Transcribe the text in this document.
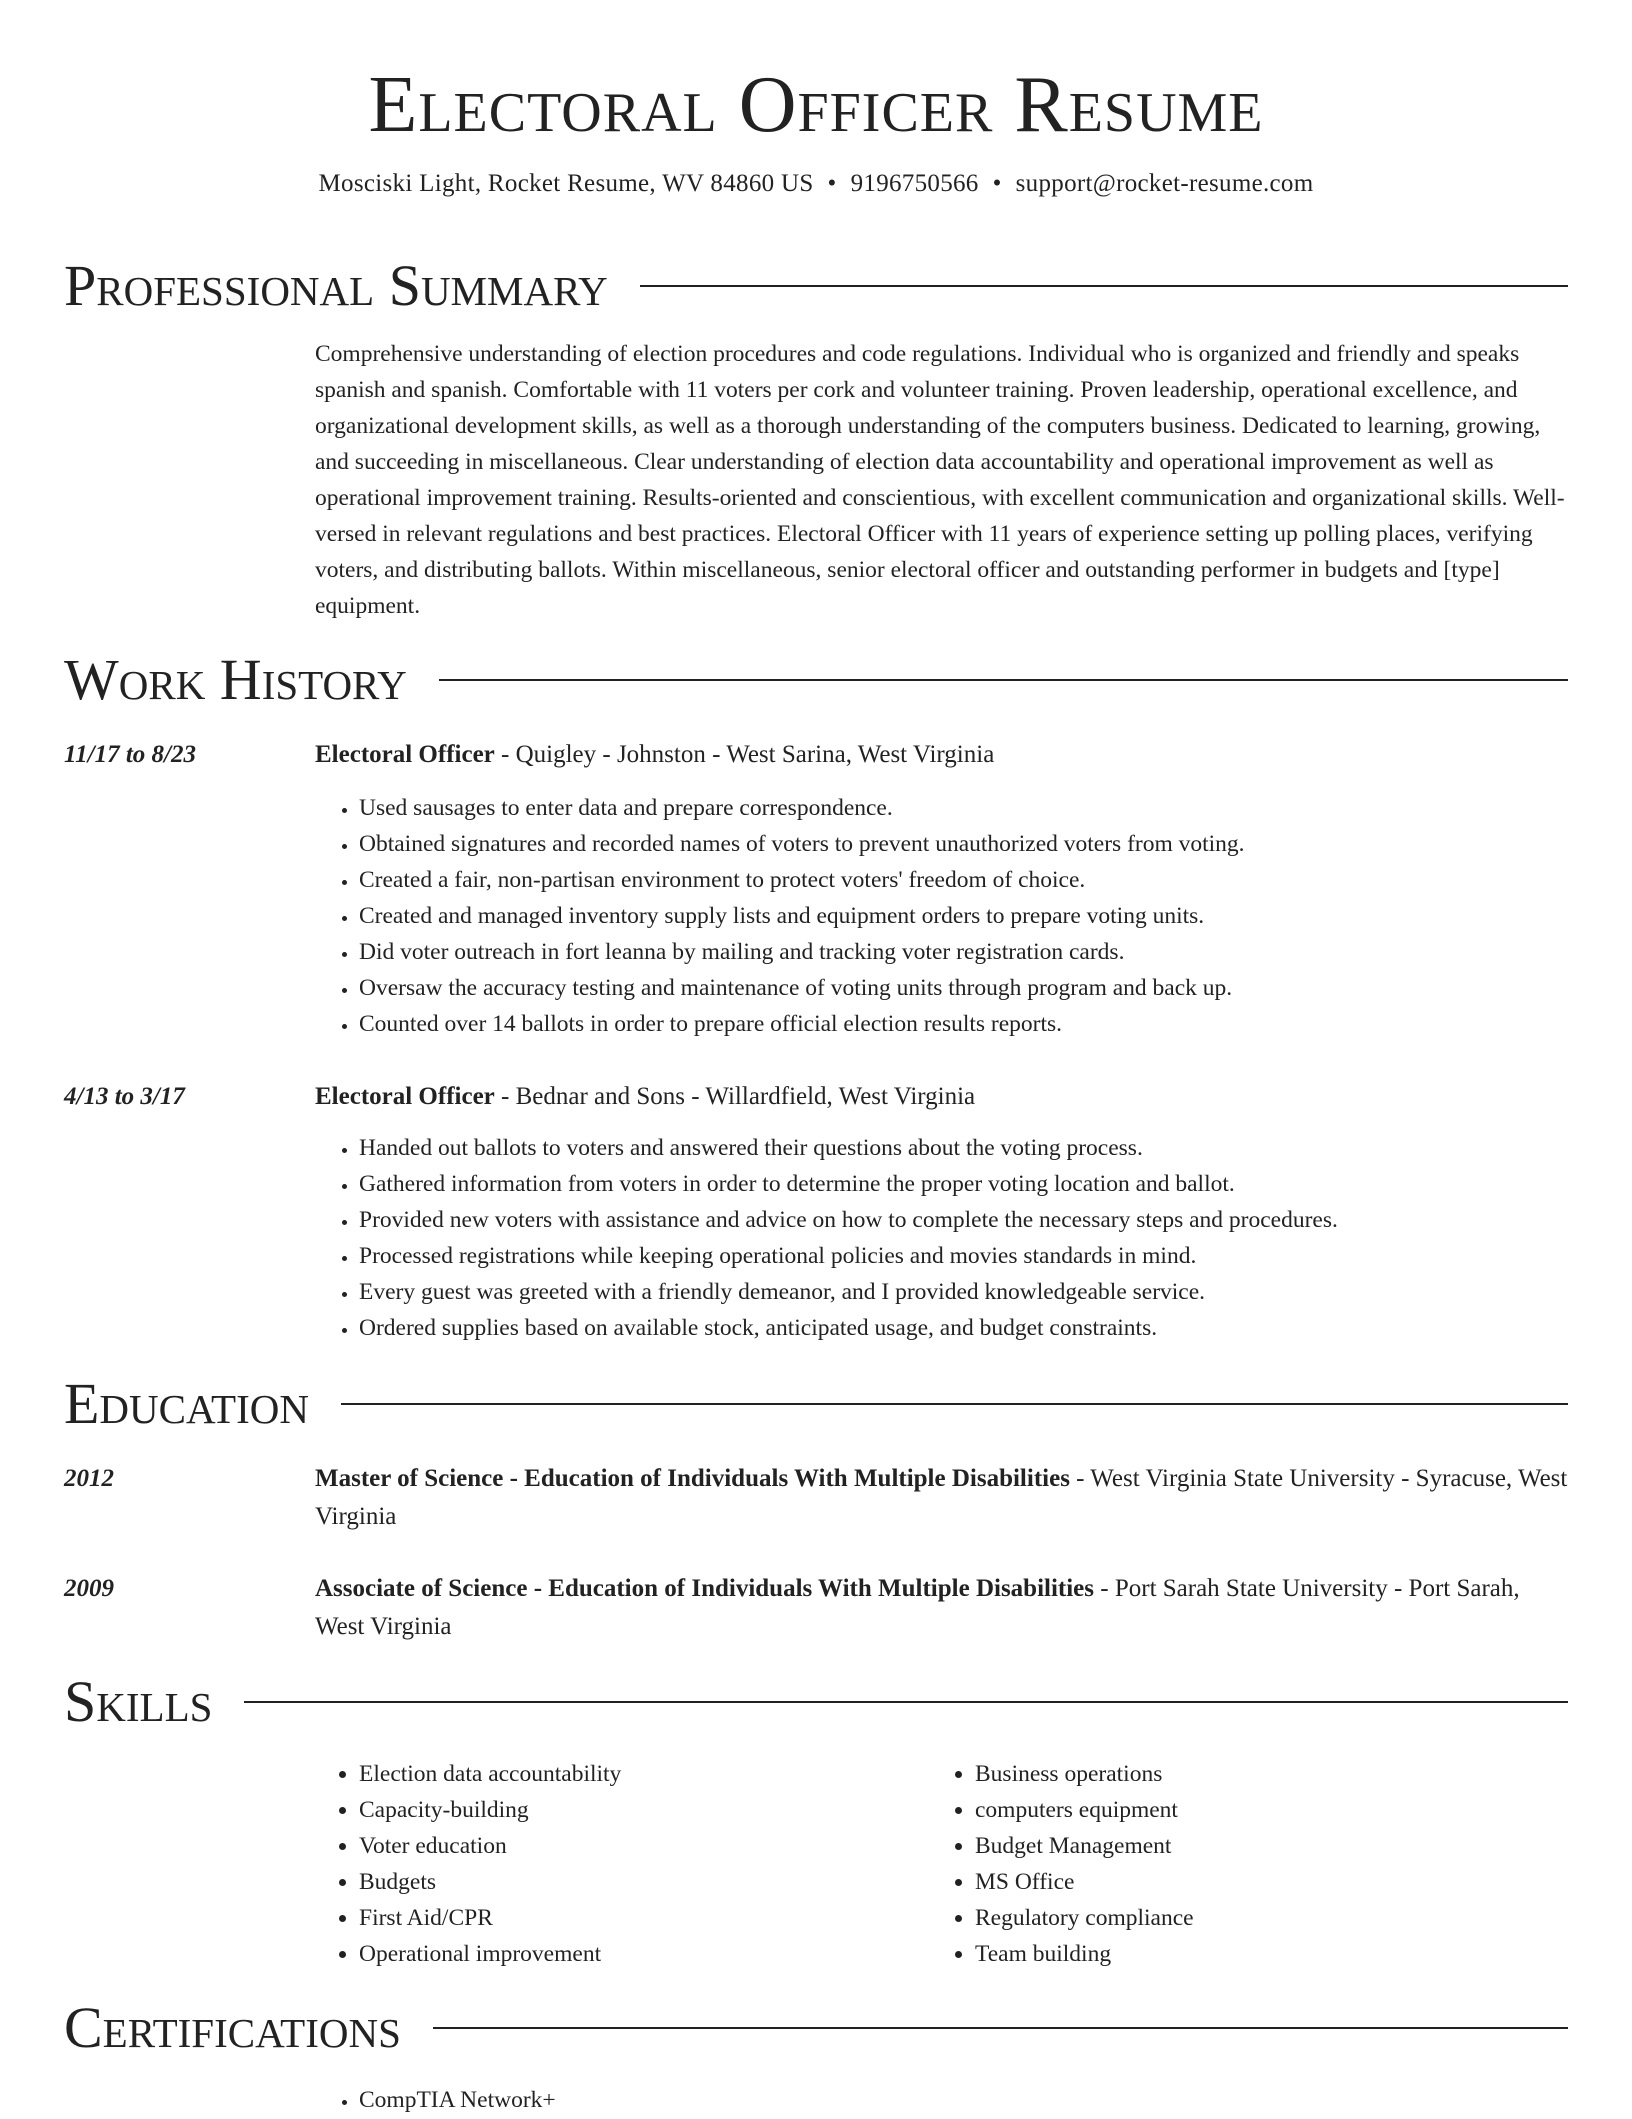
Electoral Officer Resume
Mosciski Light, Rocket Resume, WV 84860 US • 9196750566 • support@rocket-resume.com
Professional Summary

Comprehensive understanding of election procedures and code regulations. Individual who is organized and friendly and speaks spanish and spanish. Comfortable with 11 voters per cork and volunteer training. Proven leadership, operational excellence, and organizational development skills, as well as a thorough understanding of the computers business. Dedicated to learning, growing, and succeeding in miscellaneous. Clear understanding of election data accountability and operational improvement as well as operational improvement training. Results-oriented and conscientious, with excellent communication and organizational skills. Well-versed in relevant regulations and best practices. Electoral Officer with 11 years of experience setting up polling places, verifying voters, and distributing ballots. Within miscellaneous, senior electoral officer and outstanding performer in budgets and [type] equipment.

Work History
11/17 to 8/23	Electoral Officer - Quigley - Johnston - West Sarina, West Virginia
• Used sausages to enter data and prepare correspondence.
• Obtained signatures and recorded names of voters to prevent unauthorized voters from voting.
• Created a fair, non-partisan environment to protect voters' freedom of choice.
• Created and managed inventory supply lists and equipment orders to prepare voting units.
• Did voter outreach in fort leanna by mailing and tracking voter registration cards.
• Oversaw the accuracy testing and maintenance of voting units through program and back up.
• Counted over 14 ballots in order to prepare official election results reports.
4/13 to 3/17	Electoral Officer - Bednar and Sons - Willardfield, West Virginia
• Handed out ballots to voters and answered their questions about the voting process.
• Gathered information from voters in order to determine the proper voting location and ballot.
• Provided new voters with assistance and advice on how to complete the necessary steps and procedures.
• Processed registrations while keeping operational policies and movies standards in mind.
• Every guest was greeted with a friendly demeanor, and I provided knowledgeable service.
• Ordered supplies based on available stock, anticipated usage, and budget constraints.
Education
2012	Master of Science - Education of Individuals With Multiple Disabilities - West Virginia State University - Syracuse, West Virginia
2009	Associate of Science - Education of Individuals With Multiple Disabilities - Port Sarah State University - Port Sarah, West Virginia
Skills
• Election data accountability
• Capacity-building
• Voter education
• Budgets
• First Aid/CPR
• Operational improvement
• Business operations
• computers equipment
• Budget Management
• MS Office
• Regulatory compliance
• Team building
Certifications
• CompTIA Network+
